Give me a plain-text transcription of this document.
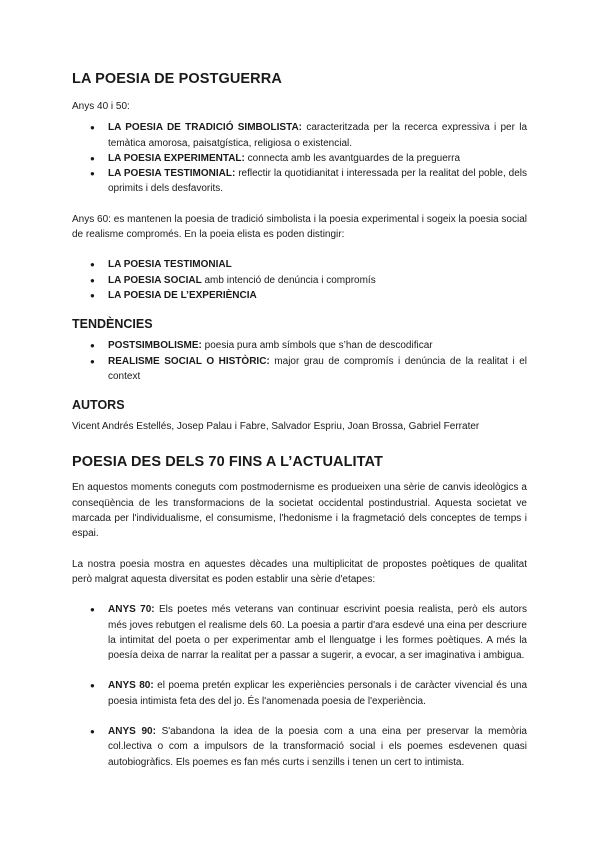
LA POESIA DE POSTGUERRA

Anys 40 i 50:

● LA POESIA DE TRADICIÓ SIMBOLISTA: caracteritzada per la recerca expressiva i per la temàtica amorosa, paisatgística, religiosa o existencial.
● LA POESIA EXPERIMENTAL: connecta amb les avantguardes de la preguerra
● LA POESIA TESTIMONIAL: reflectir la quotidianitat i interessada per la realitat del poble, dels oprimits i dels desfavorits.

Anys 60: es mantenen la poesia de tradició simbolista i la poesia experimental i sogeix la poesia social de realisme compromés. En la poeia elista es poden distingir:

● LA POESIA TESTIMONIAL
● LA POESIA SOCIAL amb intenció de denúncia i compromís
● LA POESIA DE L’EXPERIÈNCIA
TENDÈNCIES
● POSTSIMBOLISME: poesia pura amb símbols que s’han de descodificar
● REALISME SOCIAL O HISTÒRIC: major grau de compromís i denúncia de la realitat i el context
AUTORS

Vicent Andrés Estellés, Josep Palau i Fabre, Salvador Espriu, Joan Brossa, Gabriel Ferrater

POESIA DES DELS 70 FINS A L’ACTUALITAT

En aquestos moments coneguts com postmodernisme es produeixen una sèrie de canvis ideològics a conseqüència de les transformacions de la societat occidental postindustrial. Aquesta societat ve marcada per l'individualisme, el consumisme, l'hedonisme i la fragmetació dels conceptes de temps i espai.

La nostra poesia mostra en aquestes dècades una multiplicitat de propostes poètiques de qualitat però malgrat aquesta diversitat es poden establir una sèrie d'etapes:

● ANYS 70: Els poetes més veterans van continuar escrivint poesia realista, però els autors més joves rebutgen el realisme dels 60. La poesia a partir d'ara esdevé una eina per descriure la intimitat del poeta o per experimentar amb el llenguatge i les formes poètiques. A més la poesía deixa de narrar la realitat per a passar a sugerir, a evocar, a ser imaginativa i ambigua.
● ANYS 80: el poema pretén explicar les experiències personals i de caràcter vivencial és una poesia intimista feta des del jo. És l'anomenada poesia de l'experiència.
● ANYS 90: S'abandona la idea de la poesia com a una eina per preservar la memòria col.lectiva o com a impulsors de la transformació social i els poemes esdevenen quasi autobiogràfics. Els poemes es fan més curts i senzills i tenen un cert to intimista.
